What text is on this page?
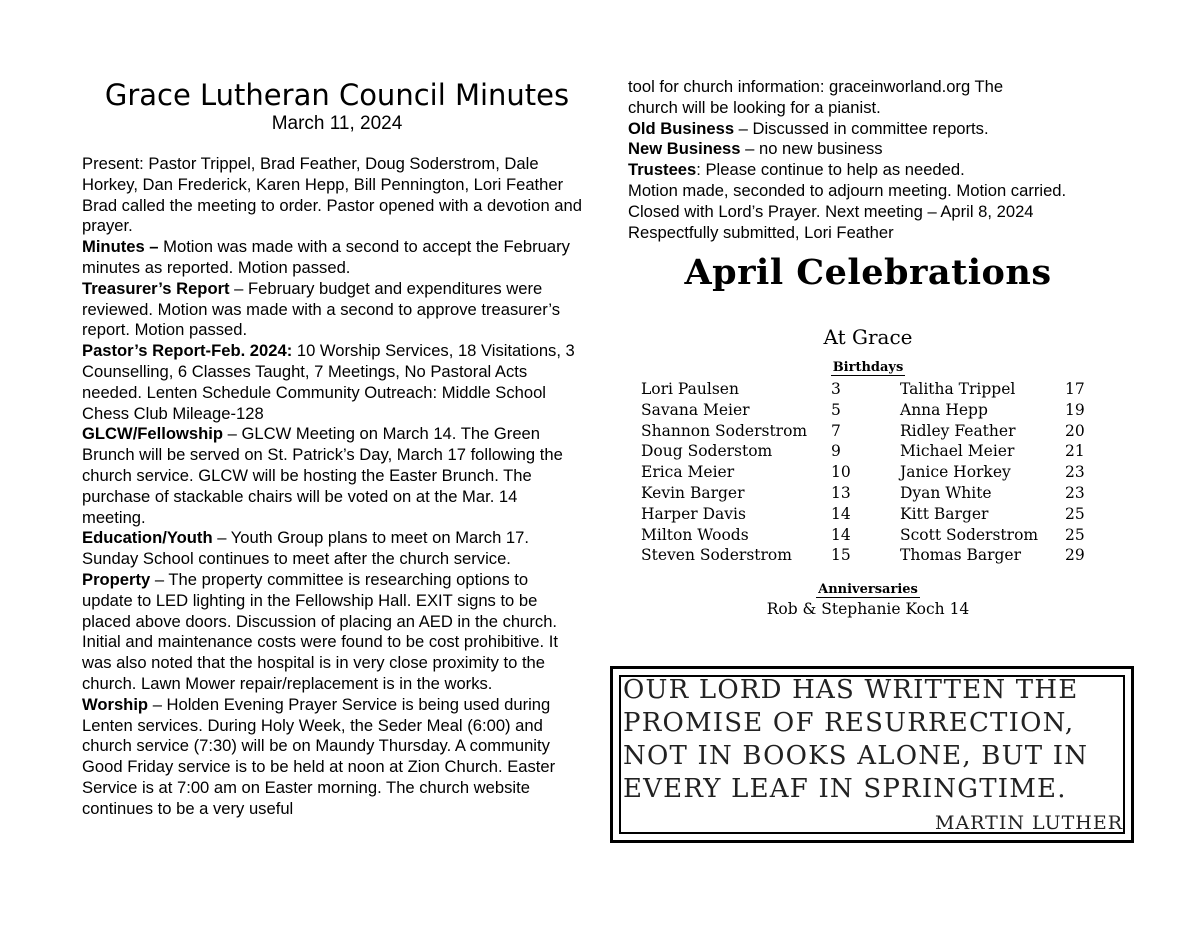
Grace Lutheran Council Minutes
March 11, 2024

Present: Pastor Trippel, Brad Feather, Doug Soderstrom, Dale Horkey, Dan Frederick, Karen Hepp, Bill Pennington, Lori Feather

Brad called the meeting to order. Pastor opened with a devotion and prayer.

Minutes – Motion was made with a second to accept the February minutes as reported. Motion passed.

Treasurer’s Report – February budget and expenditures were reviewed. Motion was made with a second to approve treasurer’s report. Motion passed.

Pastor’s Report-Feb. 2024: 10 Worship Services, 18 Visitations, 3 Counselling, 6 Classes Taught, 7 Meetings, No Pastoral Acts needed. Lenten Schedule Community Outreach: Middle School Chess Club Mileage-128

GLCW/Fellowship – GLCW Meeting on March 14. The Green Brunch will be served on St. Patrick’s Day, March 17 following the church service. GLCW will be hosting the Easter Brunch. The purchase of stackable chairs will be voted on at the Mar. 14 meeting.

Education/Youth – Youth Group plans to meet on March 17. Sunday School continues to meet after the church service.

Property – The property committee is researching options to update to LED lighting in the Fellowship Hall. EXIT signs to be placed above doors. Discussion of placing an AED in the church. Initial and maintenance costs were found to be cost prohibitive. It was also noted that the hospital is in very close proximity to the church. Lawn Mower repair/replacement is in the works.

Worship – Holden Evening Prayer Service is being used during Lenten services. During Holy Week, the Seder Meal (6:00) and church service (7:30) will be on Maundy Thursday. A community Good Friday service is to be held at noon at Zion Church. Easter Service is at 7:00 am on Easter morning. The church website continues to be a very useful

tool for church information: graceinworland.org The

church will be looking for a pianist.

Old Business – Discussed in committee reports.

New Business – no new business

Trustees: Please continue to help as needed.

Motion made, seconded to adjourn meeting. Motion carried.

Closed with Lord’s Prayer. Next meeting – April 8, 2024

Respectfully submitted, Lori Feather

April Celebrations
At Grace
Birthdays
Lori Paulsen	3	Talitha Trippel	17
Savana Meier	5	Anna Hepp	19
Shannon Soderstrom	7	Ridley Feather	20
Doug Soderstom	9	Michael Meier	21
Erica Meier	10	Janice Horkey	23
Kevin Barger	13	Dyan White	23
Harper Davis	14	Kitt Barger	25
Milton Woods	14	Scott Soderstrom	25
Steven Soderstrom	15	Thomas Barger	29
Anniversaries
Rob & Stephanie Koch 14
OUR LORD HAS WRITTEN THE
PROMISE OF RESURRECTION,
NOT IN BOOKS ALONE, BUT IN
EVERY LEAF IN SPRINGTIME.
MARTIN LUTHER
